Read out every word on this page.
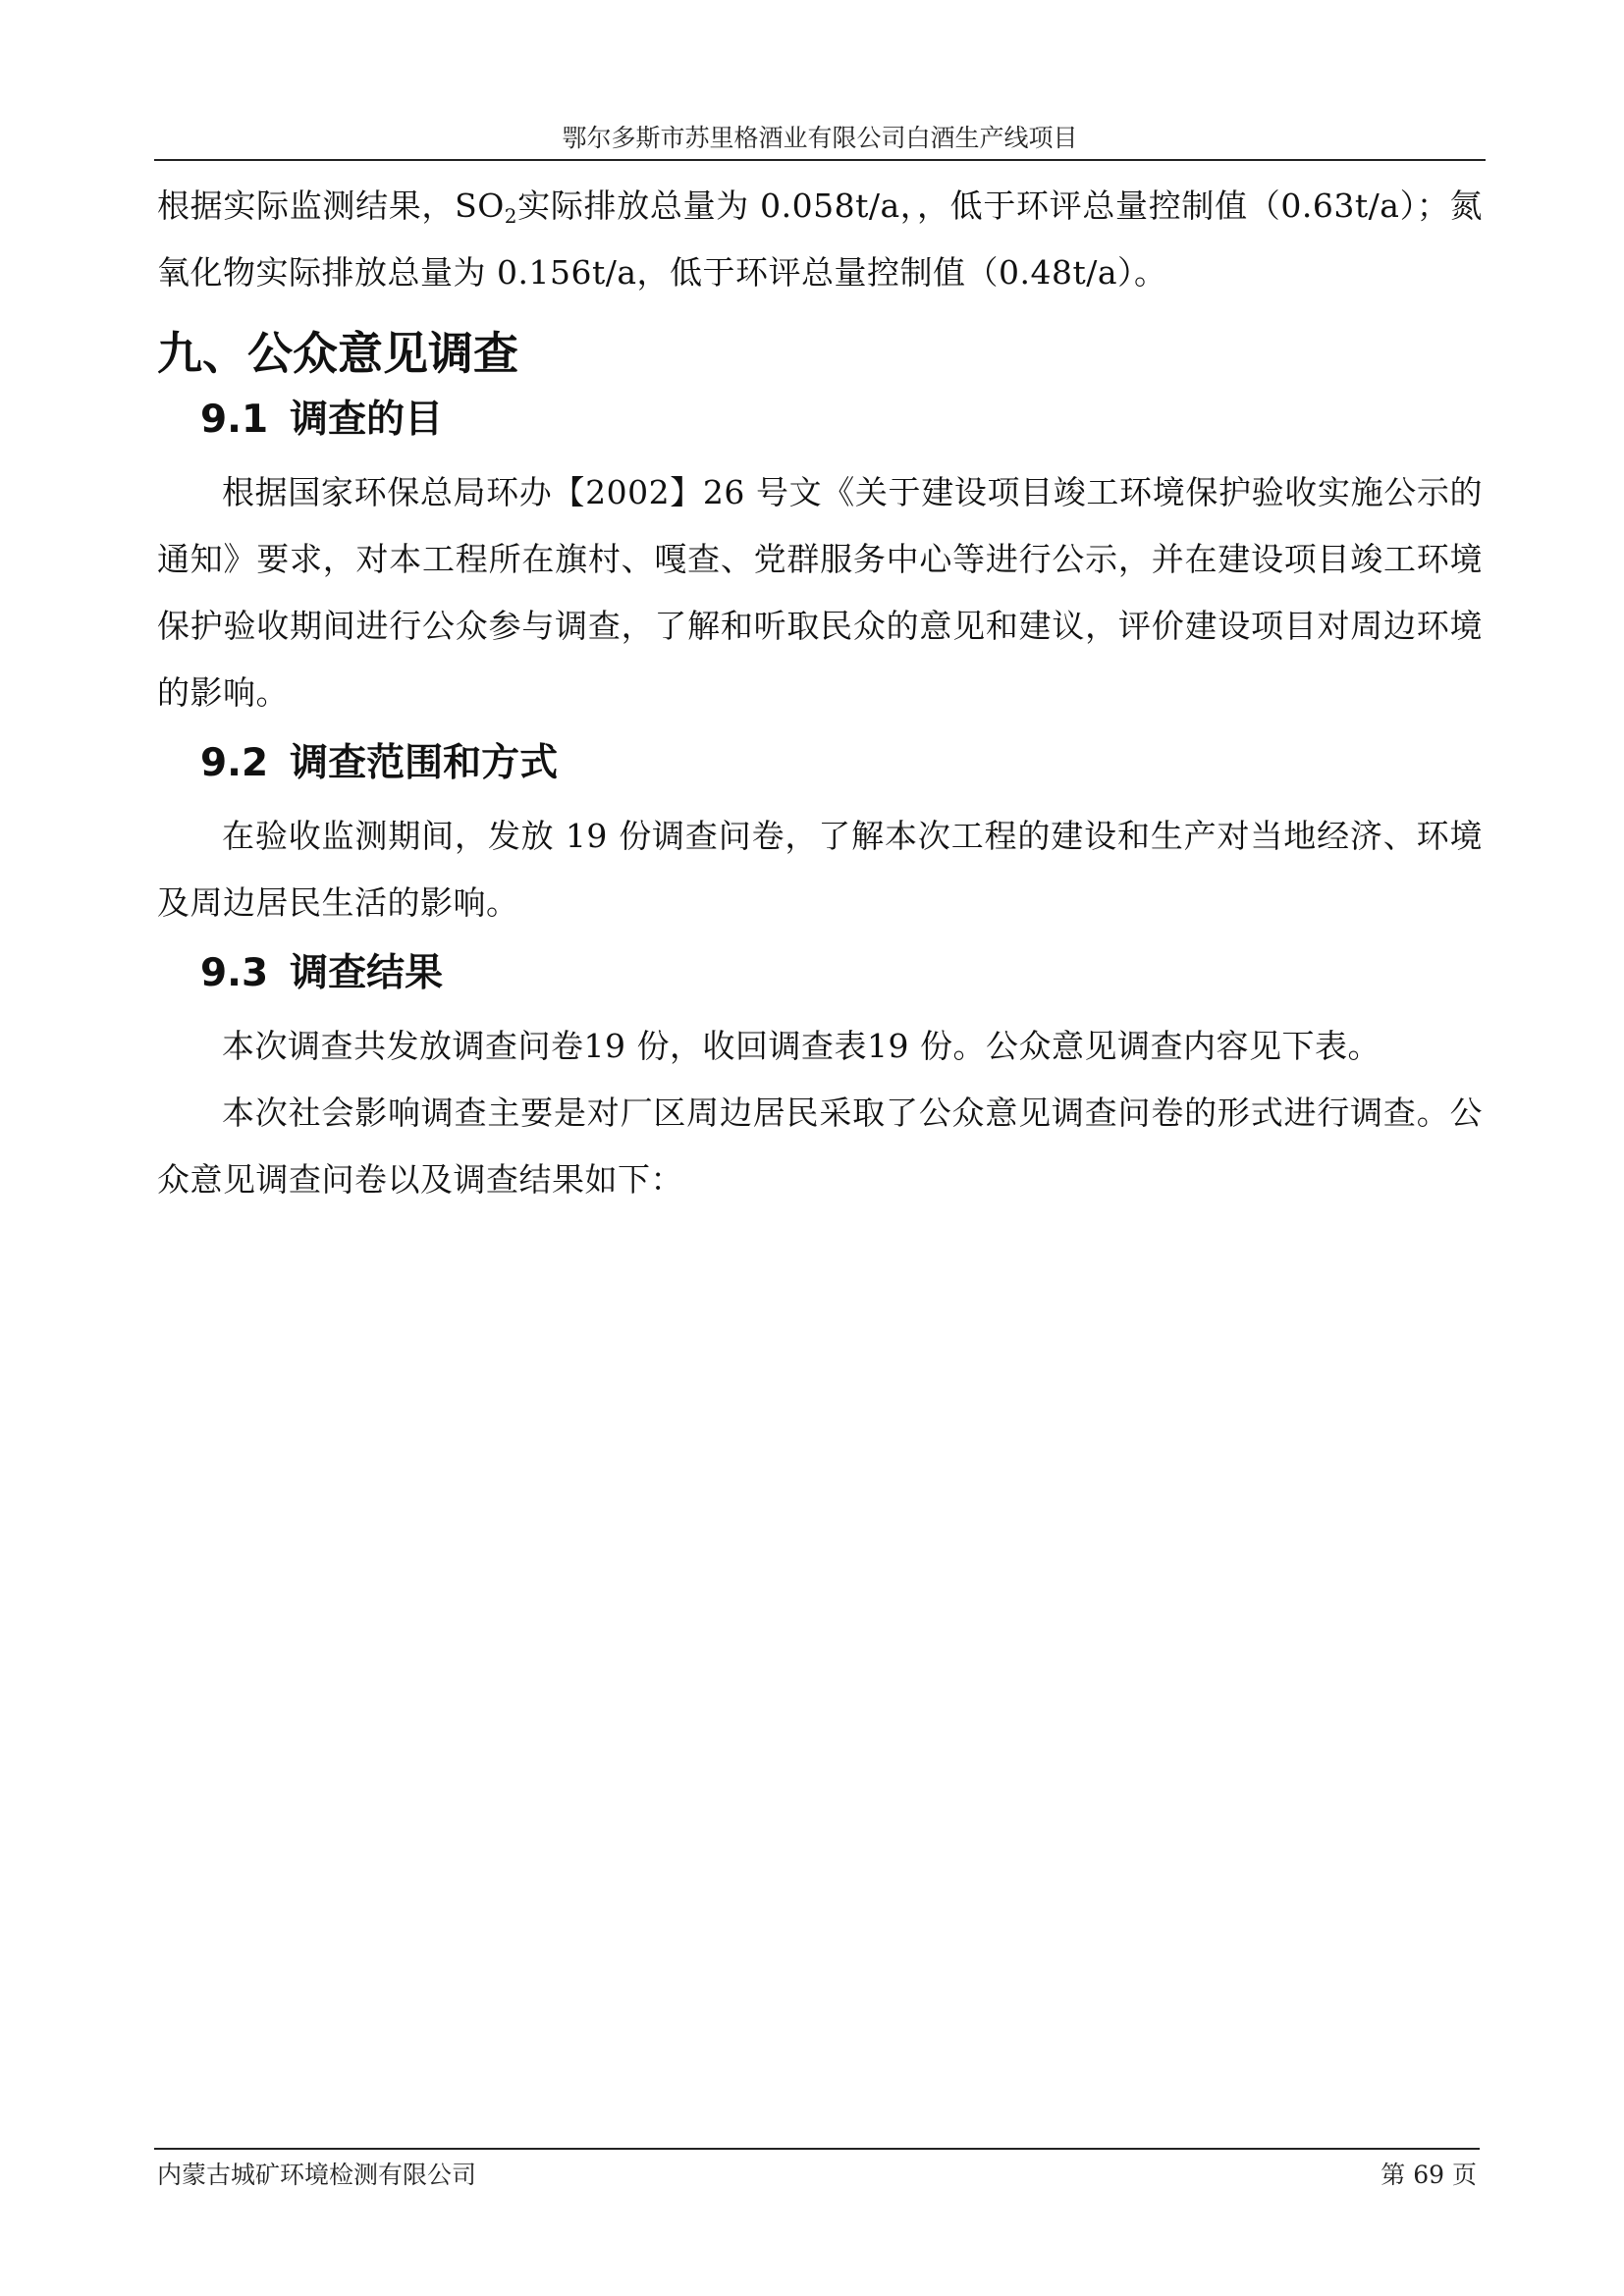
鄂尔多斯市苏里格酒业有限公司白酒生产线项目

根据实际监测结果，$SO_2$实际排放总量为 0.058t/a，，低于环评总量控制值（0.63t/a）；氮氧化物实际排放总量为 0.156t/a，低于环评总量控制值（0.48t/a）。

九、公众意见调查
9.1 调查的目

根据国家环保总局环办【2002】26 号文《关于建设项目竣工环境保护验收实施公示的通知》要求，对本工程所在旗村、嘎查、党群服务中心等进行公示，并在建设项目竣工环境保护验收期间进行公众参与调查，了解和听取民众的意见和建议，评价建设项目对周边环境的影响。

9.2 调查范围和方式

在验收监测期间，发放 19 份调查问卷，了解本次工程的建设和生产对当地经济、环境及周边居民生活的影响。

9.3 调查结果

本次调查共发放调查问卷19 份，收回调查表19 份。公众意见调查内容见下表。

本次社会影响调查主要是对厂区周边居民采取了公众意见调查问卷的形式进行调查。公众意见调查问卷以及调查结果如下：

内蒙古城矿环境检测有限公司	第 69 页
